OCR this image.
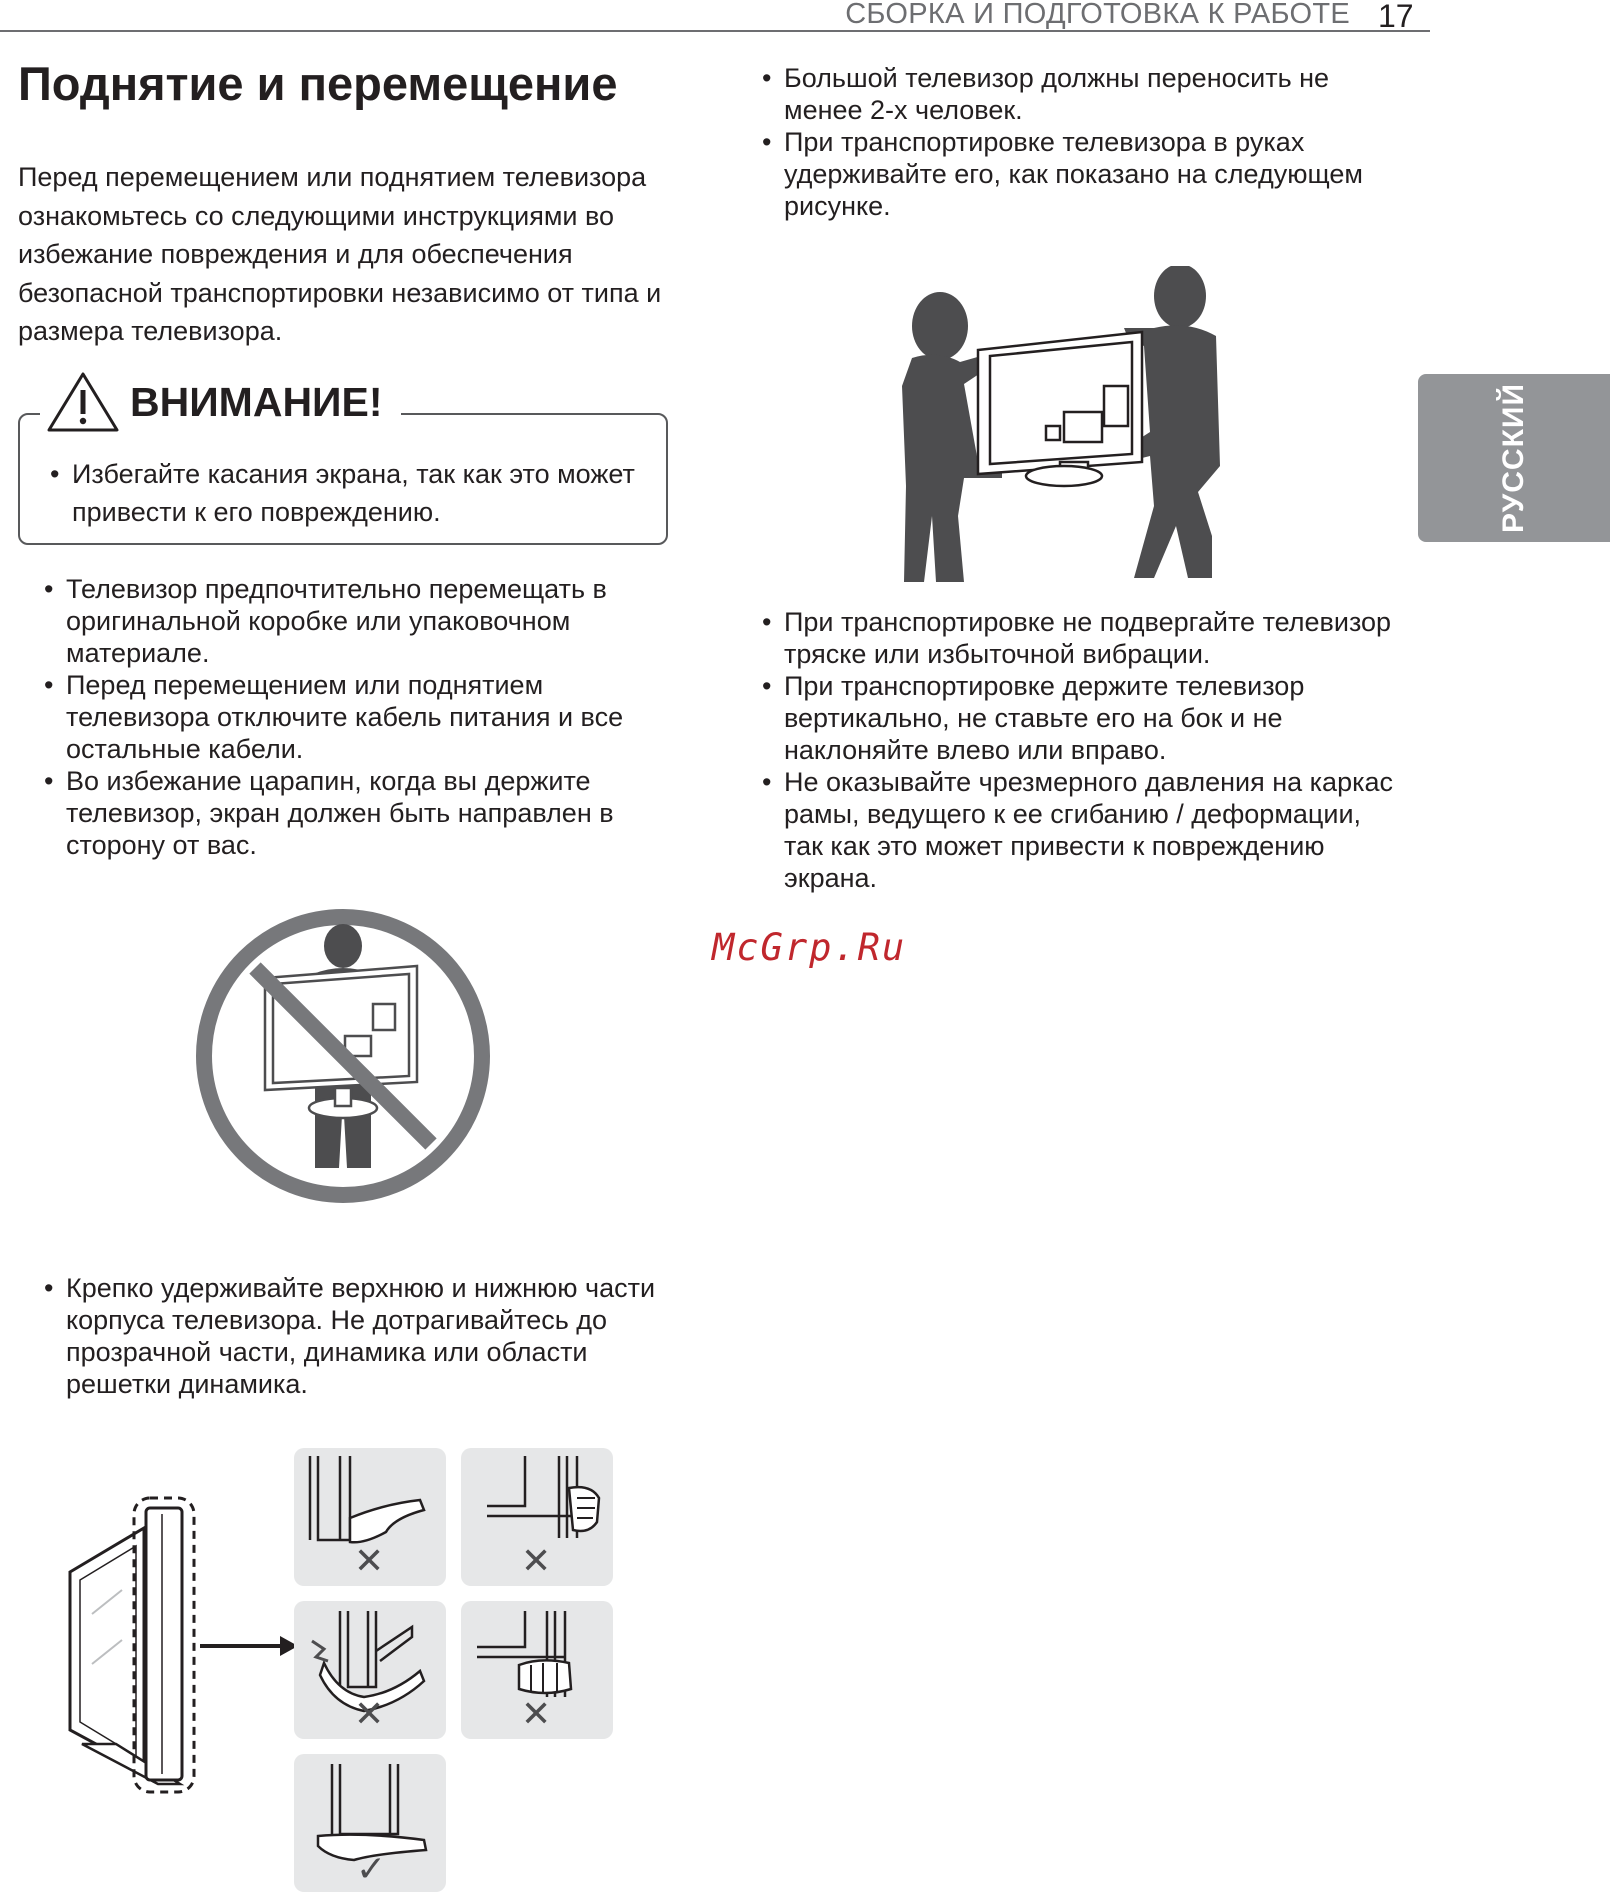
СБОРКА И ПОДГОТОВКА К РАБОТЕ 17
РУССКИЙ
Поднятие и перемещение

Перед перемещением или поднятием телевизора ознакомьтесь со следующими инструкциями во избежание повреждения и для обеспечения безопасной транспортировки независимо от типа и размера телевизора.

ВНИМАНИЕ!
• Избегайте касания экрана, так как это может привести к его повреждению.
• Телевизор предпочтительно перемещать в оригинальной коробке или упаковочном материале.
• Перед перемещением или поднятием телевизора отключите кабель питания и все остальные кабели.
• Во избежание царапин, когда вы держите телевизор, экран должен быть направлен в сторону от вас.
• Крепко удерживайте верхнюю и нижнюю части корпуса телевизора. Не дотрагивайтесь до прозрачной части, динамика или области решетки динамика.
✕	✕
✕	✕
✓
• Большой телевизор должны переносить не менее 2-х человек.
• При транспортировке телевизора в руках удерживайте его, как показано на следующем рисунке.
• При транспортировке не подвергайте телевизор тряске или избыточной вибрации.
• При транспортировке держите телевизор вертикально, не ставьте его на бок и не наклоняйте влево или вправо.
• Не оказывайте чрезмерного давления на каркас рамы, ведущего к ее сгибанию / деформации, так как это может привести к повреждению экрана.
McGrp.Ru
